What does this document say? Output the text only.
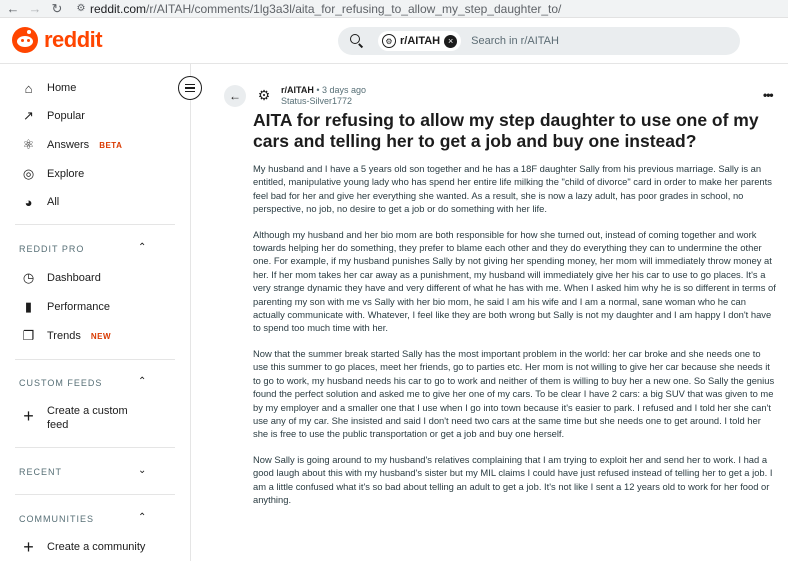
← → ↻	⚙ reddit.com /r/AITAH/comments/1lg3a3l/aita_for_refusing_to_allow_my_step_daughter_to/
reddit	⚙ r/AITAH ×
Search in r/AITAH
⌂	Home
↗ Popular
⚛ Answers BETA
◎ Explore
◕	All
REDDIT PRO	⌃
◷ Dashboard
▮	Performance
❐ Trends NEW
CUSTOM FEEDS	⌃
+ Create a custom
feed
RECENT	⌄
COMMUNITIES	⌃
+ Create a community
←	⚙ r/AITAH • 3 days ago
Status-Silver1772	•••
AITA for refusing to allow my step daughter to use one of my cars and telling her to get a job and buy one instead?

My husband and I have a 5 years old son together and he has a 18F daughter Sally from his previous marriage. Sally is an entitled, manipulative young lady who has spend her entire life milking the "child of divorce" card in order to make her parents feel bad for her and give her everything she wanted. As a result, she is now a lazy adult, has poor grades in school, no perspective, no job, no desire to get a job or do something with her life.

Although my husband and her bio mom are both responsible for how she turned out, instead of coming together and work towards helping her do something, they prefer to blame each other and they do everything they can to undermine the other one. For example, if my husband punishes Sally by not giving her spending money, her mom will immediately throw money at her. If her mom takes her car away as a punishment, my husband will immediately give her his car to use to go places. It's a very strange dynamic they have and very different of what he has with me. When I asked him why he is so different in terms of parenting my son with me vs Sally with her bio mom, he said I am his wife and I am a normal, sane woman who he can actually communicate with. Whatever, I feel like they are both wrong but Sally is not my daughter and I am happy I don't have to spend too much time with her.

Now that the summer break started Sally has the most important problem in the world: her car broke and she needs one to use this summer to go places, meet her friends, go to parties etc. Her mom is not willing to give her car because she needs it to go to work, my husband needs his car to go to work and neither of them is willing to buy her a new one. So Sally the genius found the perfect solution and asked me to give her one of my cars. To be clear I have 2 cars: a big SUV that was given to me by my employer and a smaller one that I use when I go into town because it's easier to park. I refused and I told her she can't use any of my car. She insisted and said I don't need two cars at the same time but she needs one to get around. I told her she is free to use the public transportation or get a job and buy one herself.

Now Sally is going around to my husband's relatives complaining that I am trying to exploit her and send her to work. I had a good laugh about this with my husband's sister but my MIL claims I could have just refused instead of telling her to get a job. I am a little confused what it's so bad about telling an adult to get a job. It's not like I sent a 12 years old to work for her food or anything.
